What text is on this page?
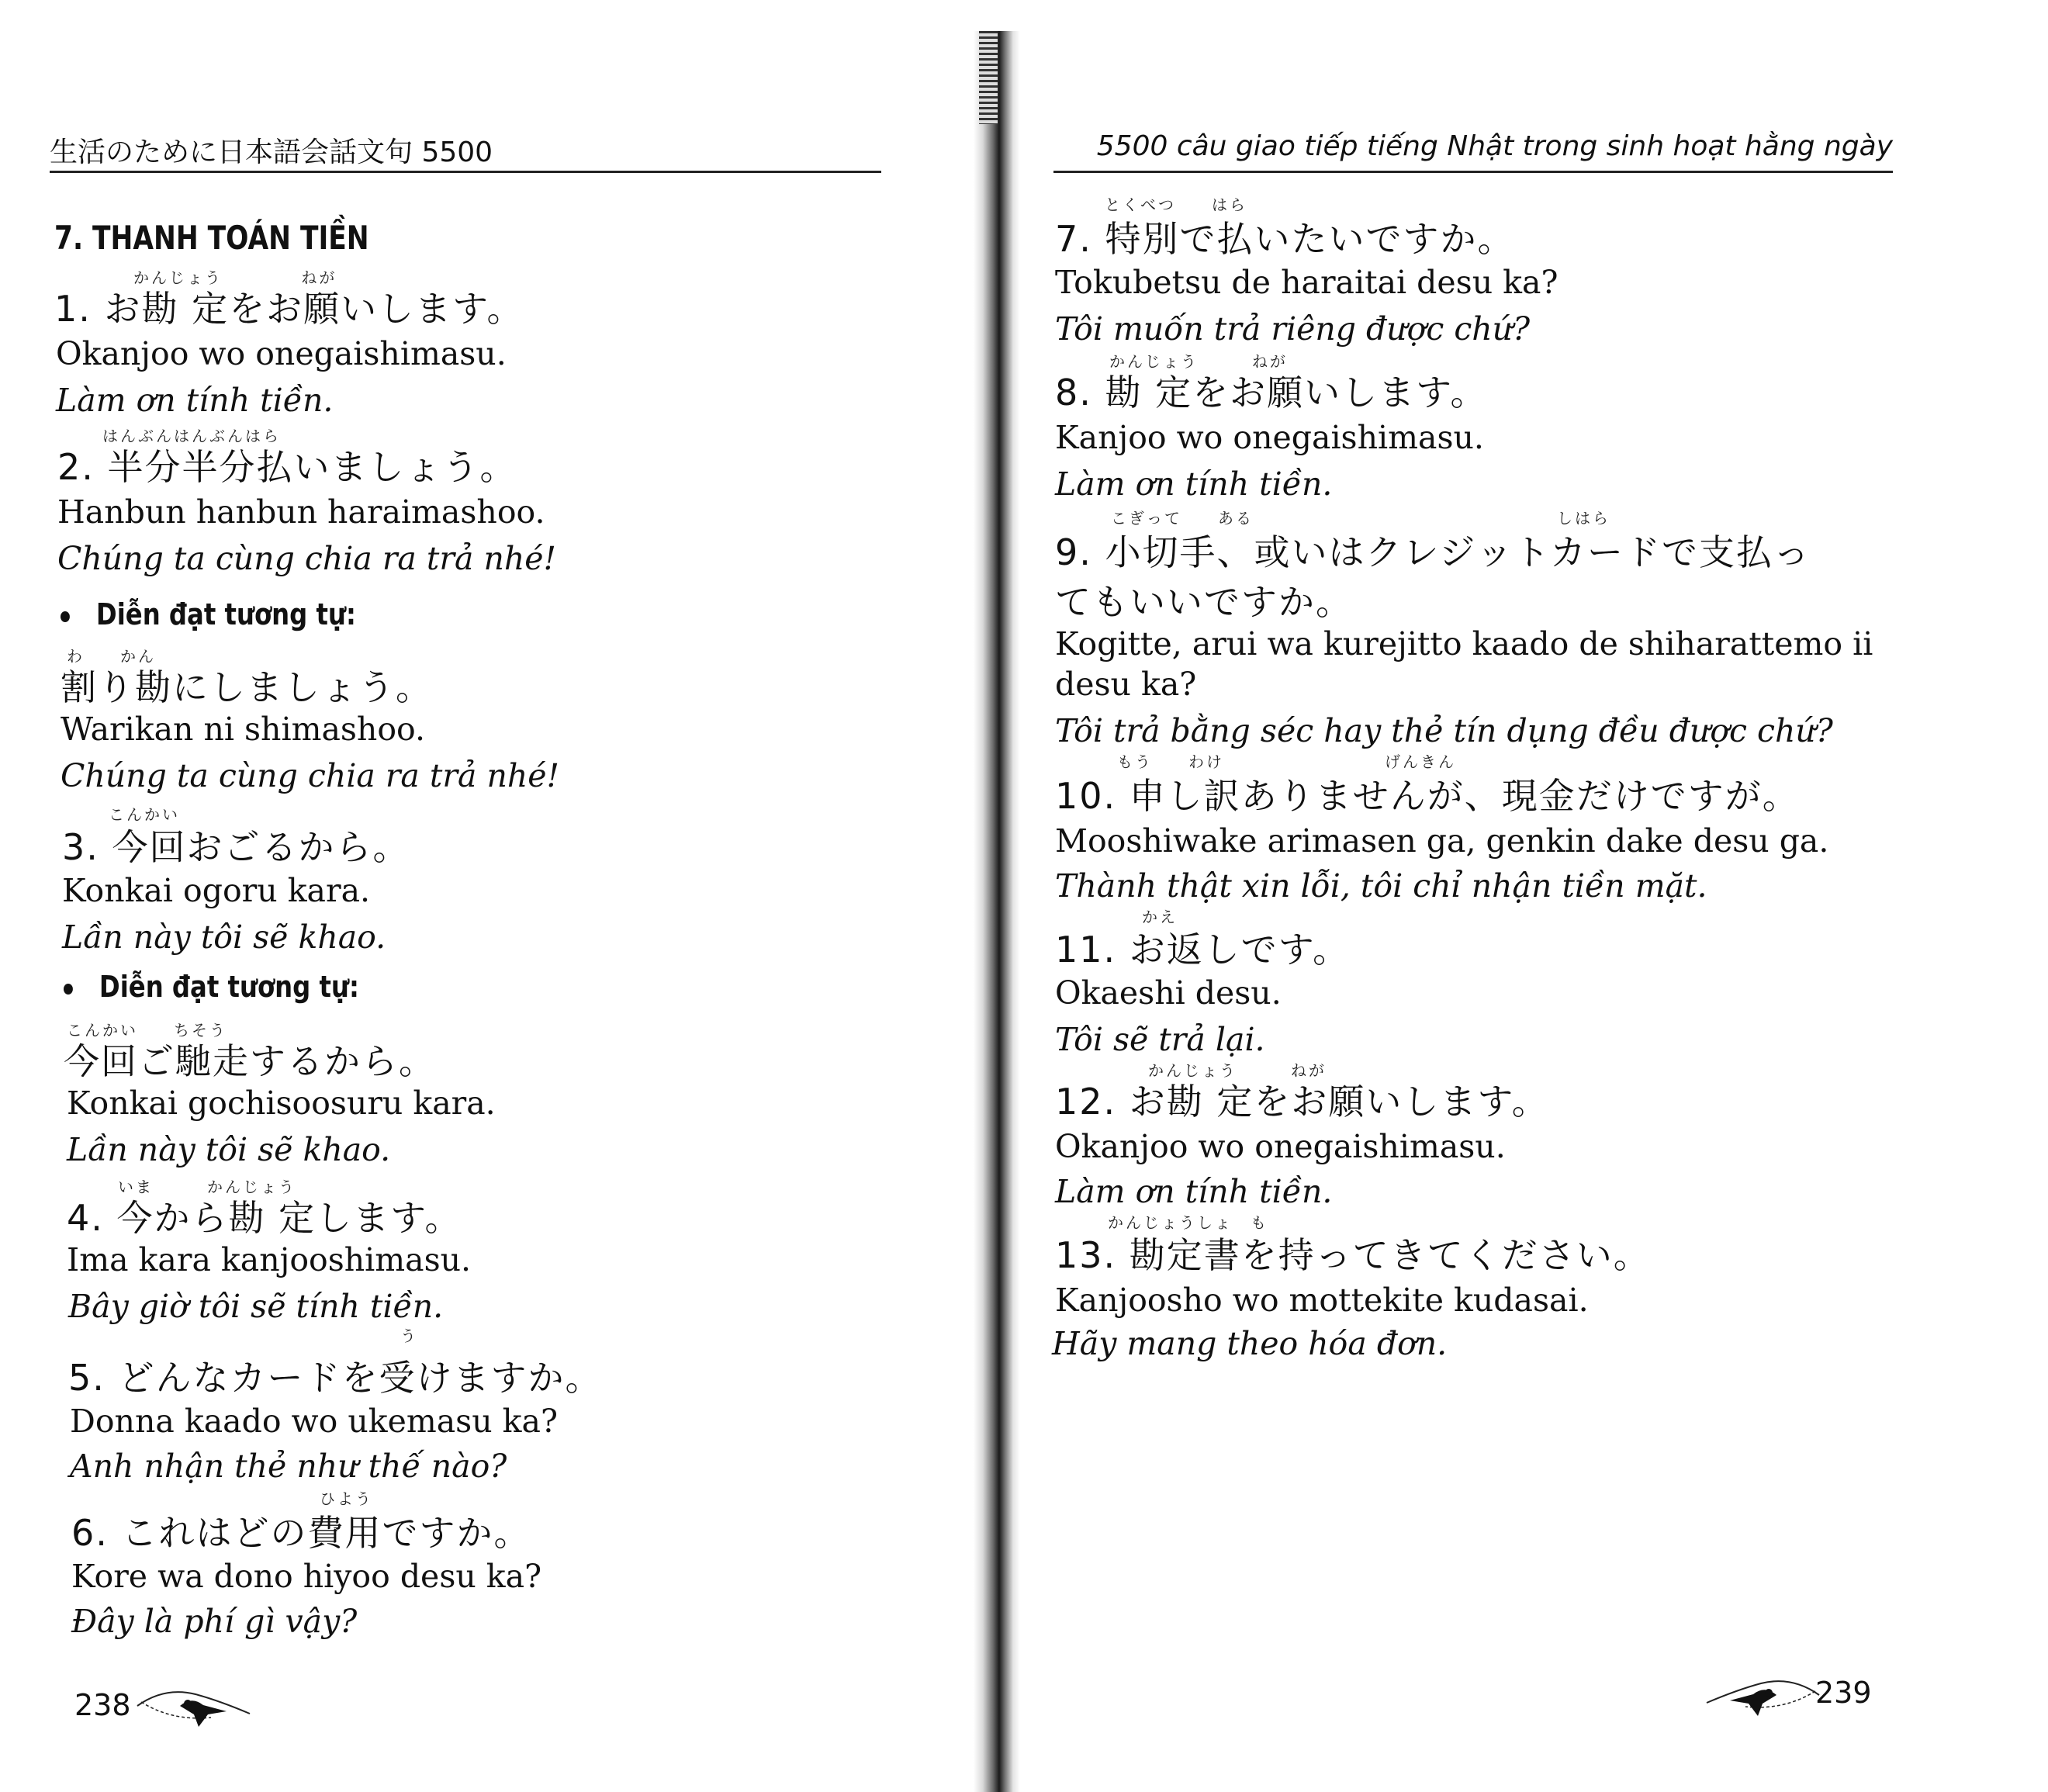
生活のために日本語会話文句 5500
7. THANH TOÁN TIỀN
かんじょう　　　　 ねが
1. お勘 定をお願いします。
Okanjoo wo onegaishimasu.
Làm ơn tính tiền.
はんぶんはんぶんはら
2. 半分半分払いましょう。
Hanbun hanbun haraimashoo.
Chúng ta cùng chia ra trả nhé!
Diễn đạt tương tự:
わ　　かん
割り勘にしましょう。
Warikan ni shimashoo.
Chúng ta cùng chia ra trả nhé!
こんかい
3. 今回おごるから。
Konkai ogoru kara.
Lần này tôi sẽ khao.
Diễn đạt tương tự:
こんかい　　ちそう
今回ご馳走するから。
Konkai gochisoosuru kara.
Lần này tôi sẽ khao.
いま　　　かんじょう
4. 今から勘 定します。
Ima kara kanjooshimasu.
Bây giờ tôi sẽ tính tiền.
う
5. どんなカードを受けますか。
Donna kaado wo ukemasu ka?
Anh nhận thẻ như thế nào?
ひよう
6. これはどの費用ですか。
Kore wa dono hiyoo desu ka?
Đây là phí gì vậy?
238
5500 câu giao tiếp tiếng Nhật trong sinh hoạt hằng ngày
とくべつ　　はら
7. 特別で払いたいですか。
Tokubetsu de haraitai desu ka?
Tôi muốn trả riêng được chứ?
かんじょう　　　ねが
8. 勘 定をお願いします。
Kanjoo wo onegaishimasu.
Làm ơn tính tiền.
こぎって　　ある　　　　　　　　　　　　　　　　　しはら
9. 小切手、或いはクレジットカードで支払っ
てもいいですか。
Kogitte, arui wa kurejitto kaado de shiharattemo ii
desu ka?
Tôi trả bằng séc hay thẻ tín dụng đều được chứ?
もう　　わけ　　　　　　　　　げんきん
10. 申し訳ありませんが、現金だけですが。
Mooshiwake arimasen ga, genkin dake desu ga.
Thành thật xin lỗi, tôi chỉ nhận tiền mặt.
かえ
11. お返しです。
Okaeshi desu.
Tôi sẽ trả lại.
かんじょう　　　ねが
12. お勘 定をお願いします。
Okanjoo wo onegaishimasu.
Làm ơn tính tiền.
かんじょうしょ　も
13. 勘定書を持ってきてください。
Kanjoosho wo mottekite kudasai.
Hãy mang theo hóa đơn.
239
